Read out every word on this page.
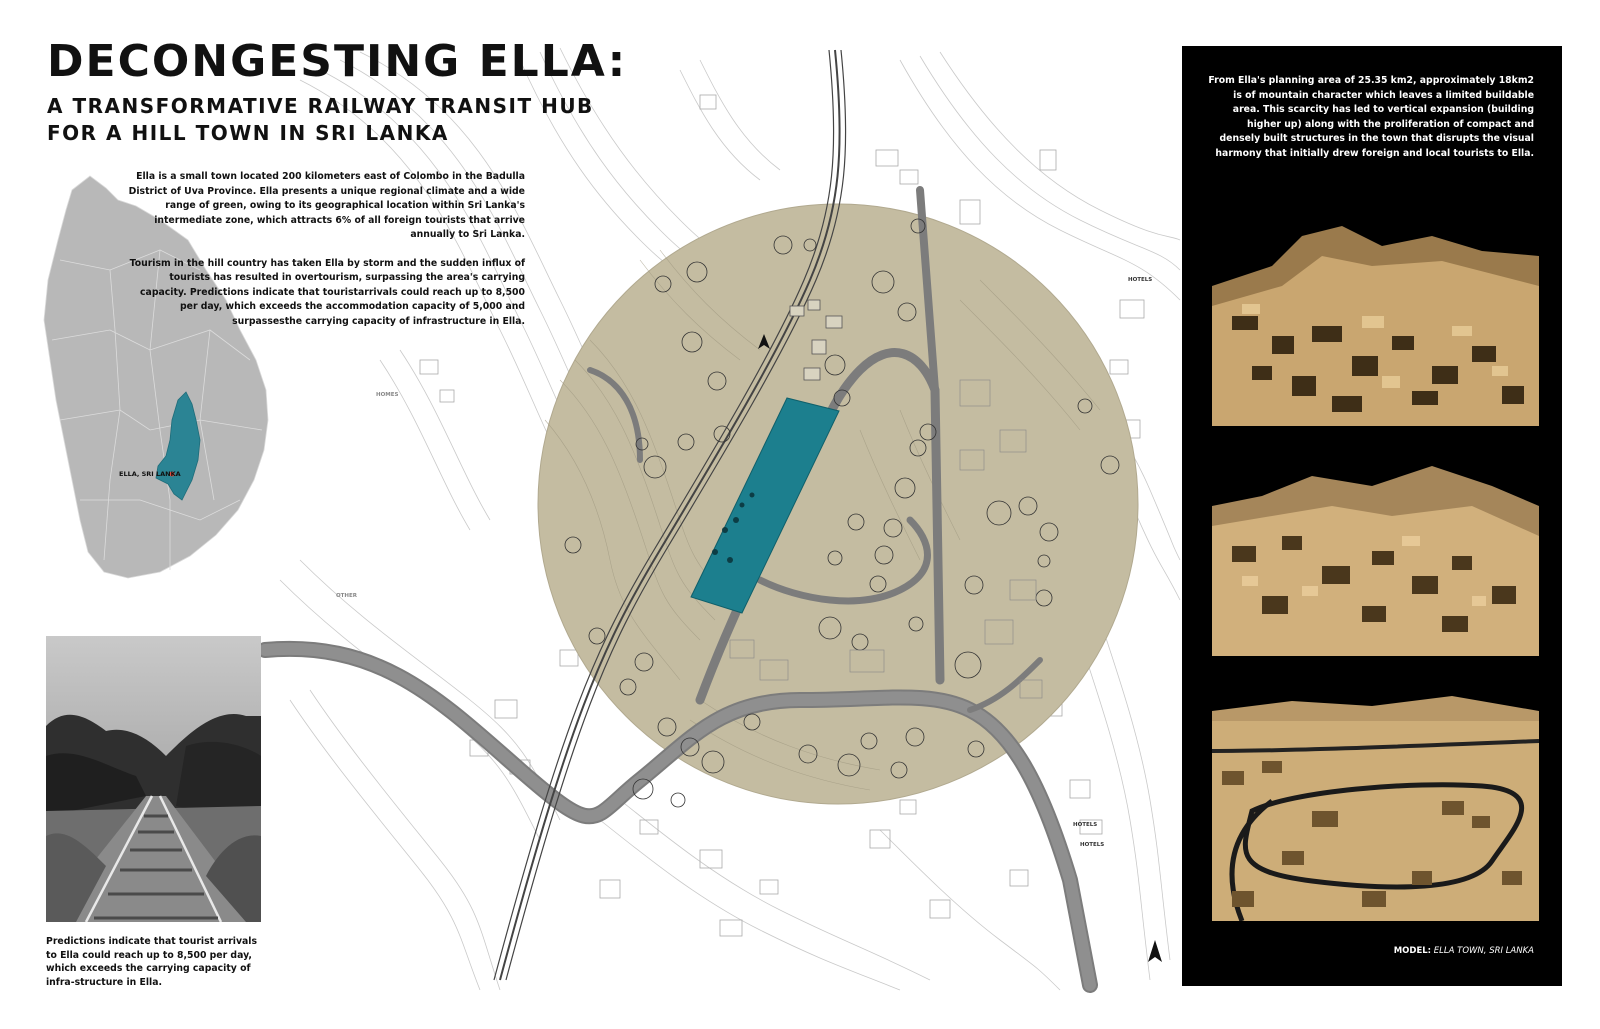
DECONGESTING ELLA:
A TRANSFORMATIVE RAILWAY TRANSIT HUB
FOR A HILL TOWN IN SRI LANKA

Ella is a small town located 200 kilometers east of Colombo in the Badulla District of Uva Province. Ella presents a unique regional climate and a wide range of green, owing to its geographical location within Sri Lanka's intermediate zone, which attracts 6% of all foreign tourists that arrive annually to Sri Lanka.

Tourism in the hill country has taken Ella by storm and the sudden influx of tourists has resulted in overtourism, surpassing the area's carrying capacity. Predictions indicate that touristarrivals could reach up to 8,500 per day, which exceeds the accommodation capacity of 5,000 and surpassesthe carrying capacity of infrastructure in Ella.

ELLA, SRI LANKA
HOTELS
HOTELS
HOTELS
OTHER
HOMES
Predictions indicate that tourist arrivals to Ella could reach up to 8,500 per day, which exceeds the carrying capacity of infra-structure in Ella.
From Ella's planning area of 25.35 km2, approximately 18km2 is of mountain character which leaves a limited buildable area. This scarcity has led to vertical expansion (building higher up) along with the proliferation of compact and densely built structures in the town that disrupts the visual harmony that initially drew foreign and local tourists to Ella.
MODEL: ELLA TOWN, SRI LANKA
